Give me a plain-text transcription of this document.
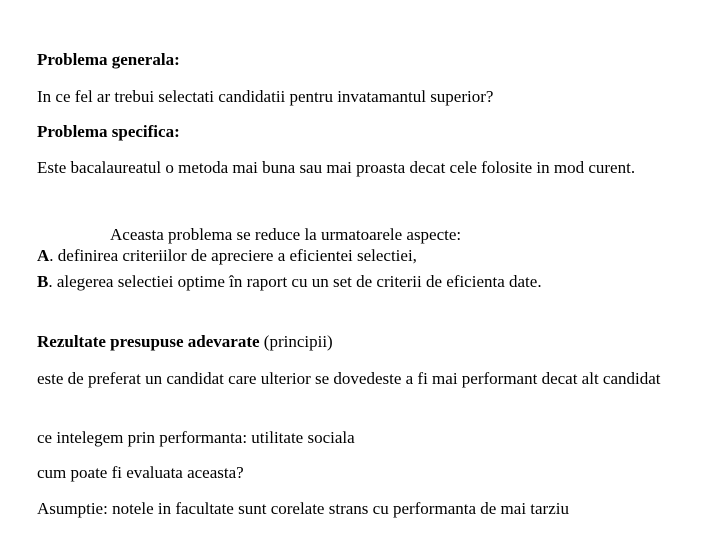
Problema generala:
In ce fel ar trebui selectati candidatii pentru invatamantul superior?
Problema specifica:
Este bacalaureatul o metoda mai buna sau mai proasta decat cele folosite in mod curent.
Aceasta problema se reduce la urmatoarele aspecte:
A. definirea criteriilor de apreciere a eficientei selectiei,
B. alegerea selectiei optime în raport cu un set de criterii de eficienta date.
Rezultate presupuse adevarate (principii)
este de preferat un candidat care ulterior se dovedeste a fi mai performant decat alt candidat
ce intelegem prin performanta: utilitate sociala
cum poate fi evaluata aceasta?
Asumptie: notele in facultate sunt corelate strans cu performanta de mai tarziu
